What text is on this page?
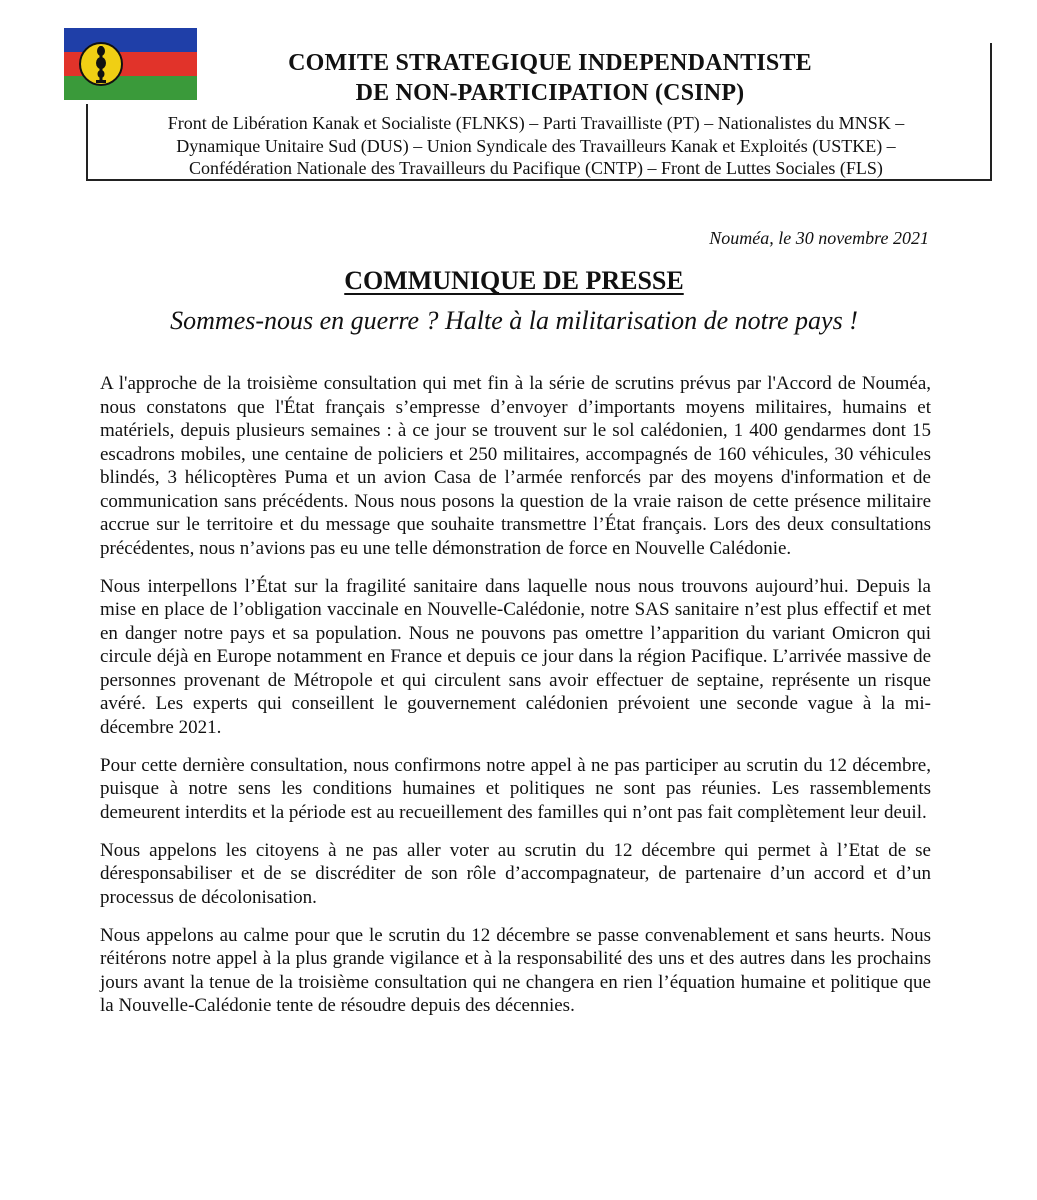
COMITE STRATEGIQUE INDEPENDANTISTE
DE NON-PARTICIPATION (CSINP)
Front de Libération Kanak et Socialiste (FLNKS) – Parti Travailliste (PT) – Nationalistes du MNSK –
Dynamique Unitaire Sud (DUS) – Union Syndicale des Travailleurs Kanak et Exploités (USTKE) –
Confédération Nationale des Travailleurs du Pacifique (CNTP) – Front de Luttes Sociales (FLS)
Nouméa, le 30 novembre 2021
COMMUNIQUE DE PRESSE
Sommes-nous en guerre ? Halte à la militarisation de notre pays !

A l'approche de la troisième consultation qui met fin à la série de scrutins prévus par l'Accord de Nouméa, nous constatons que l'État français s’empresse d’envoyer d’importants moyens militaires, humains et matériels, depuis plusieurs semaines : à ce jour se trouvent sur le sol calédonien, 1 400 gendarmes dont 15 escadrons mobiles, une centaine de policiers et 250 militaires, accompagnés de 160 véhicules, 30 véhicules blindés, 3 hélicoptères Puma et un avion Casa de l’armée renforcés par des moyens d'information et de communication sans précédents. Nous nous posons la question de la vraie raison de cette présence militaire accrue sur le territoire et du message que souhaite transmettre l’État français. Lors des deux consultations précédentes, nous n’avions pas eu une telle démonstration de force en Nouvelle Calédonie.

Nous interpellons l’État sur la fragilité sanitaire dans laquelle nous nous trouvons aujourd’hui. Depuis la mise en place de l’obligation vaccinale en Nouvelle-Calédonie, notre SAS sanitaire n’est plus effectif et met en danger notre pays et sa population. Nous ne pouvons pas omettre l’apparition du variant Omicron qui circule déjà en Europe notamment en France et depuis ce jour dans la région Pacifique. L’arrivée massive de personnes provenant de Métropole et qui circulent sans avoir effectuer de septaine, représente un risque avéré. Les experts qui conseillent le gouvernement calédonien prévoient une seconde vague à la mi-décembre 2021.

Pour cette dernière consultation, nous confirmons notre appel à ne pas participer au scrutin du 12 décembre, puisque à notre sens les conditions humaines et politiques ne sont pas réunies. Les rassemblements demeurent interdits et la période est au recueillement des familles qui n’ont pas fait complètement leur deuil.

Nous appelons les citoyens à ne pas aller voter au scrutin du 12 décembre qui permet à l’Etat de se déresponsabiliser et de se discréditer de son rôle d’accompagnateur, de partenaire d’un accord et d’un processus de décolonisation.

Nous appelons au calme pour que le scrutin du 12 décembre se passe convenablement et sans heurts. Nous réitérons notre appel à la plus grande vigilance et à la responsabilité des uns et des autres dans les prochains jours avant la tenue de la troisième consultation qui ne changera en rien l’équation humaine et politique que la Nouvelle-Calédonie tente de résoudre depuis des décennies.
